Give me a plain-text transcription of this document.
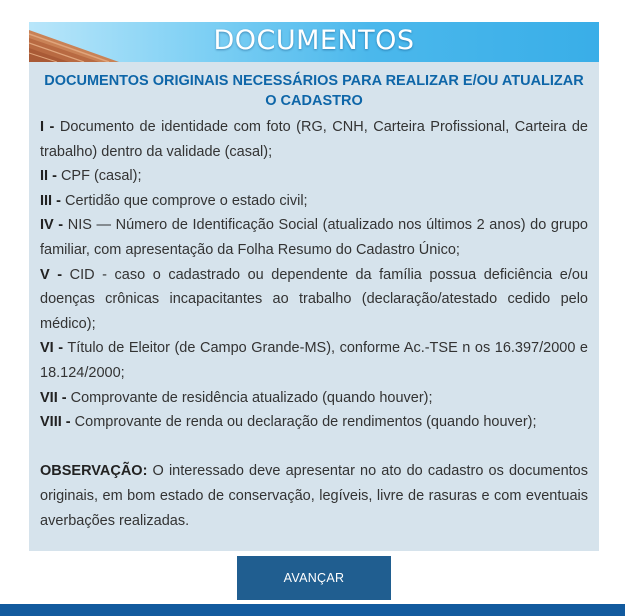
DOCUMENTOS
DOCUMENTOS ORIGINAIS NECESSÁRIOS PARA REALIZAR E/OU ATUALIZAR O CADASTRO

I - Documento de identidade com foto (RG, CNH, Carteira Profissional, Carteira de trabalho) dentro da validade (casal);

II - CPF (casal);

III - Certidão que comprove o estado civil;

IV - NIS — Número de Identificação Social (atualizado nos últimos 2 anos) do grupo familiar, com apresentação da Folha Resumo do Cadastro Único;

V - CID - caso o cadastrado ou dependente da família possua deficiência e/ou doenças crônicas incapacitantes ao trabalho (declaração/atestado cedido pelo médico);

VI - Título de Eleitor (de Campo Grande-MS), conforme Ac.-TSE n os 16.397/2000 e 18.124/2000;

VII - Comprovante de residência atualizado (quando houver);

VIII - Comprovante de renda ou declaração de rendimentos (quando houver);

OBSERVAÇÃO: O interessado deve apresentar no ato do cadastro os documentos originais, em bom estado de conservação, legíveis, livre de rasuras e com eventuais averbações realizadas.

AVANÇAR
